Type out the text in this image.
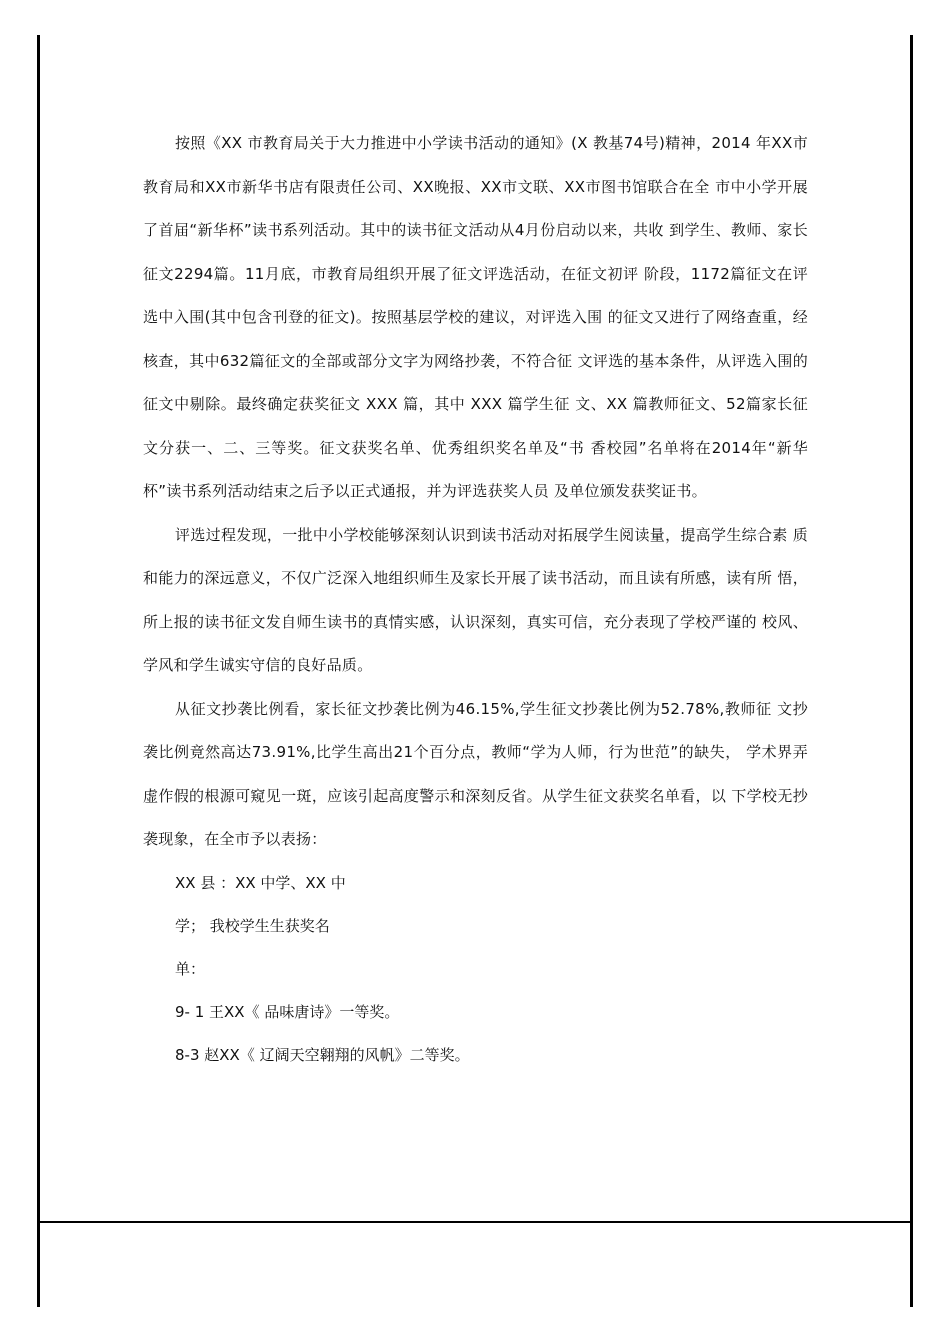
按照《XX 市教育局关于大力推进中小学读书活动的通知》(X 教基74号)精神，2014 年XX市教育局和XX市新华书店有限责任公司、XX晚报、XX市文联、XX市图书馆联合在全 市中小学开展了首届“新华杯”读书系列活动。其中的读书征文活动从4月份启动以来，共收 到学生、教师、家长征文2294篇。11月底，市教育局组织开展了征文评选活动，在征文初评 阶段，1172篇征文在评选中入围(其中包含刊登的征文)。按照基层学校的建议，对评选入围 的征文又进行了网络查重，经核查，其中632篇征文的全部或部分文字为网络抄袭，不符合征 文评选的基本条件，从评选入围的征文中剔除。最终确定获奖征文 XXX 篇，其中 XXX 篇学生征 文、XX 篇教师征文、52篇家长征文分获一、二、三等奖。征文获奖名单、优秀组织奖名单及“书 香校园”名单将在2014年“新华杯”读书系列活动结束之后予以正式通报，并为评选获奖人员 及单位颁发获奖证书。

评选过程发现，一批中小学校能够深刻认识到读书活动对拓展学生阅读量，提高学生综合素 质和能力的深远意义，不仅广泛深入地组织师生及家长开展了读书活动，而且读有所感，读有所 悟，所上报的读书征文发自师生读书的真情实感，认识深刻，真实可信，充分表现了学校严谨的 校风、学风和学生诚实守信的良好品质。

从征文抄袭比例看，家长征文抄袭比例为46.15%,学生征文抄袭比例为52.78%,教师征 文抄袭比例竟然高达73.91%,比学生高出21个百分点，教师“学为人师，行为世范”的缺失， 学术界弄虚作假的根源可窥见一斑，应该引起高度警示和深刻反省。从学生征文获奖名单看，以 下学校无抄袭现象，在全市予以表扬：

XX 县 ：XX 中学、XX 中

学； 我校学生生获奖名

单：

9- 1 王XX《 品味唐诗》一等奖。

8-3 赵XX《 辽阔天空翱翔的风帆》二等奖。
